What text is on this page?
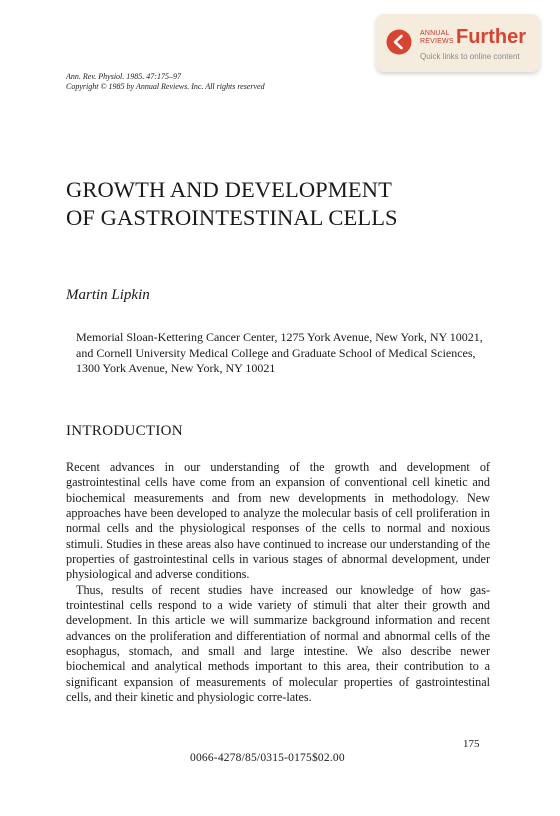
ANNUAL
REVIEWS Further
Quick links to online content
Ann. Rev. Physiol. 1985. 47:175–97
Copyright © 1985 by Annual Reviews. Inc. All rights reserved
GROWTH AND DEVELOPMENT
OF GASTROINTESTINAL CELLS
Martin Lipkin
Memorial Sloan-Kettering Cancer Center, 1275 York Avenue, New York, NY 10021,
and Cornell University Medical College and Graduate School of Medical Sciences,
1300 York Avenue, New York, NY 10021
INTRODUCTION

Recent advances in our understanding of the growth and development of gastrointestinal cells have come from an expansion of conventional cell kinetic and biochemical measurements and from new developments in methodology. New approaches have been developed to analyze the molecular basis of cell proliferation in normal cells and the physiological responses of the cells to normal and noxious stimuli. Studies in these areas also have continued to increase our understanding of the properties of gastrointestinal cells in various stages of abnormal development, under physiological and adverse conditions.

Thus, results of recent studies have increased our knowledge of how gas-trointestinal cells respond to a wide variety of stimuli that alter their growth and development. In this article we will summarize background information and recent advances on the proliferation and differentiation of normal and abnormal cells of the esophagus, stomach, and small and large intestine. We also describe newer biochemical and analytical methods important to this area, their contribution to a significant expansion of measurements of molecular properties of gastrointestinal cells, and their kinetic and physiologic corre-lates.

175
0066-4278/85/0315-0175$02.00
